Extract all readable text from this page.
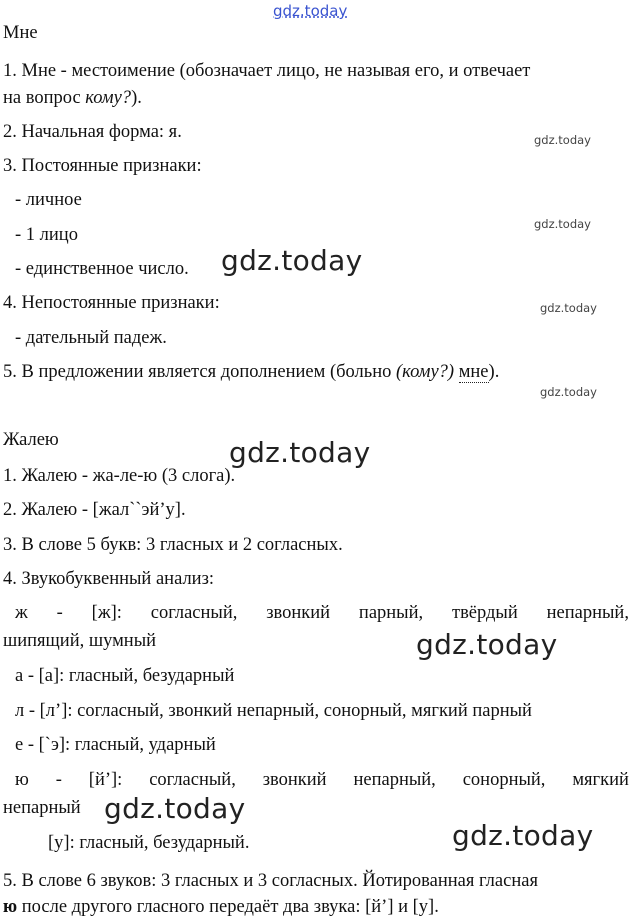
gdz.today
Мне
1. Мне - местоимение (обозначает лицо, не называя его, и отвечает
на вопрос кому?).
2. Начальная форма: я.
3. Постоянные признаки:
- личное
- 1 лицо
- единственное число.
4. Непостоянные признаки:
- дательный падеж.
5. В предложении является дополнением (больно (кому?) мне).
Жалею
1. Жалею - жа-ле-ю (3 слога).
2. Жалею - [жал``эй’у].
3. В слове 5 букв: 3 гласных и 2 согласных.
4. Звукобуквенный анализ:
ж - [ж]: согласный, звонкий парный, твёрдый непарный,
шипящий, шумный
а - [а]: гласный, безударный
л - [л’]: согласный, звонкий непарный, сонорный, мягкий парный
е - [`э]: гласный, ударный
ю - [й’]: согласный, звонкий непарный, сонорный, мягкий
непарный
[у]: гласный, безударный.
5. В слове 6 звуков: 3 гласных и 3 согласных. Йотированная гласная
ю после другого гласного передаёт два звука: [й’] и [у].
gdz.today
gdz.today
gdz.today
gdz.today
gdz.today
gdz.today
gdz.today
gdz.today
gdz.today
